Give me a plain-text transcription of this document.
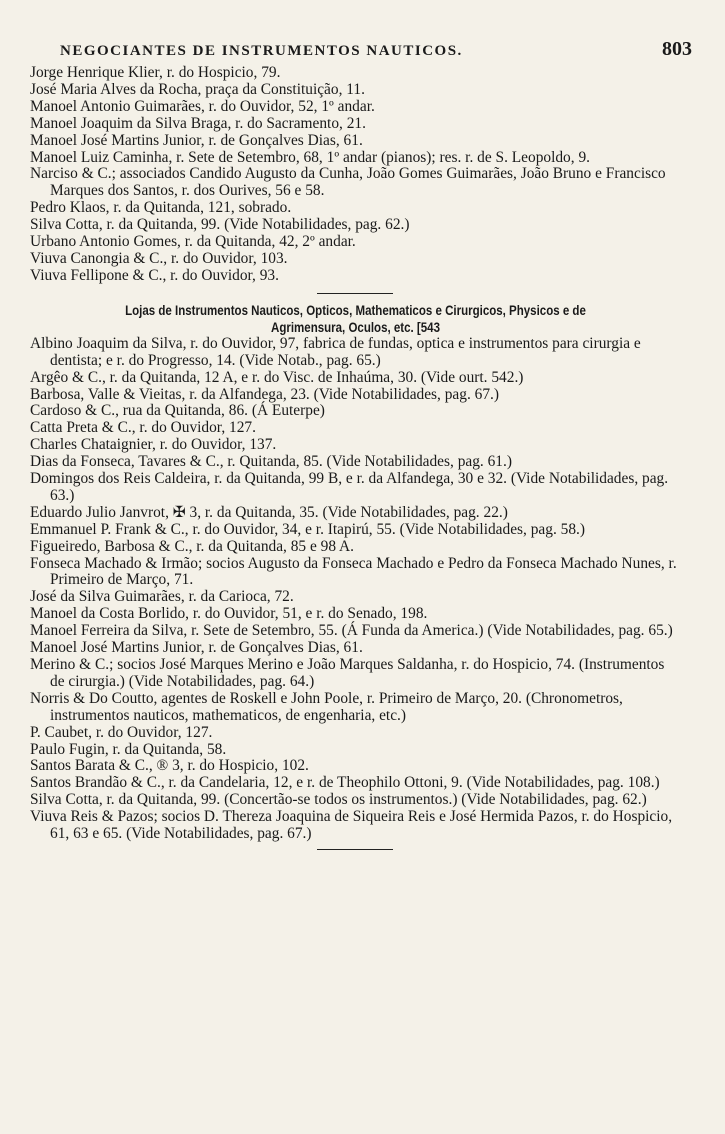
NEGOCIANTES DE INSTRUMENTOS NAUTICOS.	803
Jorge Henrique Klier, r. do Hospicio, 79.
José Maria Alves da Rocha, praça da Constituição, 11.
Manoel Antonio Guimarães, r. do Ouvidor, 52, 1º andar.
Manoel Joaquim da Silva Braga, r. do Sacramento, 21.
Manoel José Martins Junior, r. de Gonçalves Dias, 61.
Manoel Luiz Caminha, r. Sete de Setembro, 68, 1º andar (pianos); res. r. de S. Leopoldo, 9.
Narciso & C.; associados Candido Augusto da Cunha, João Gomes Guimarães, João Bruno e Francisco Marques dos Santos, r. dos Ourives, 56 e 58.
Pedro Klaos, r. da Quitanda, 121, sobrado.
Silva Cotta, r. da Quitanda, 99. (Vide Notabilidades, pag. 62.)
Urbano Antonio Gomes, r. da Quitanda, 42, 2º andar.
Viuva Canongia & C., r. do Ouvidor, 103.
Viuva Fellipone & C., r. do Ouvidor, 93.
Lojas de Instrumentos Nauticos, Opticos, Mathematicos e Cirurgicos, Physicos e de
Agrimensura, Oculos, etc. [543
Albino Joaquim da Silva, r. do Ouvidor, 97, fabrica de fundas, optica e instrumentos para cirurgia e dentista; e r. do Progresso, 14. (Vide Notab., pag. 65.)
Argêo & C., r. da Quitanda, 12 A, e r. do Visc. de Inhaúma, 30. (Vide ourt. 542.)
Barbosa, Valle & Vieitas, r. da Alfandega, 23. (Vide Notabilidades, pag. 67.)
Cardoso & C., rua da Quitanda, 86. (Á Euterpe)
Catta Preta & C., r. do Ouvidor, 127.
Charles Chataignier, r. do Ouvidor, 137.
Dias da Fonseca, Tavares & C., r. Quitanda, 85. (Vide Notabilidades, pag. 61.)
Domingos dos Reis Caldeira, r. da Quitanda, 99 B, e r. da Alfandega, 30 e 32. (Vide Notabilidades, pag. 63.)
Eduardo Julio Janvrot, ✠ 3, r. da Quitanda, 35. (Vide Notabilidades, pag. 22.)
Emmanuel P. Frank & C., r. do Ouvidor, 34, e r. Itapirú, 55. (Vide Notabilidades, pag. 58.)
Figueiredo, Barbosa & C., r. da Quitanda, 85 e 98 A.
Fonseca Machado & Irmão; socios Augusto da Fonseca Machado e Pedro da Fonseca Machado Nunes, r. Primeiro de Março, 71.
José da Silva Guimarães, r. da Carioca, 72.
Manoel da Costa Borlido, r. do Ouvidor, 51, e r. do Senado, 198.
Manoel Ferreira da Silva, r. Sete de Setembro, 55. (Á Funda da America.) (Vide Notabilidades, pag. 65.)
Manoel José Martins Junior, r. de Gonçalves Dias, 61.
Merino & C.; socios José Marques Merino e João Marques Saldanha, r. do Hospicio, 74. (Instrumentos de cirurgia.) (Vide Notabilidades, pag. 64.)
Norris & Do Coutto, agentes de Roskell e John Poole, r. Primeiro de Março, 20. (Chronometros, instrumentos nauticos, mathematicos, de engenharia, etc.)
P. Caubet, r. do Ouvidor, 127.
Paulo Fugin, r. da Quitanda, 58.
Santos Barata & C., ® 3, r. do Hospicio, 102.
Santos Brandão & C., r. da Candelaria, 12, e r. de Theophilo Ottoni, 9. (Vide Notabilidades, pag. 108.)
Silva Cotta, r. da Quitanda, 99. (Concertão-se todos os instrumentos.) (Vide Notabilidades, pag. 62.)
Viuva Reis & Pazos; socios D. Thereza Joaquina de Siqueira Reis e José Hermida Pazos, r. do Hospicio, 61, 63 e 65. (Vide Notabilidades, pag. 67.)
